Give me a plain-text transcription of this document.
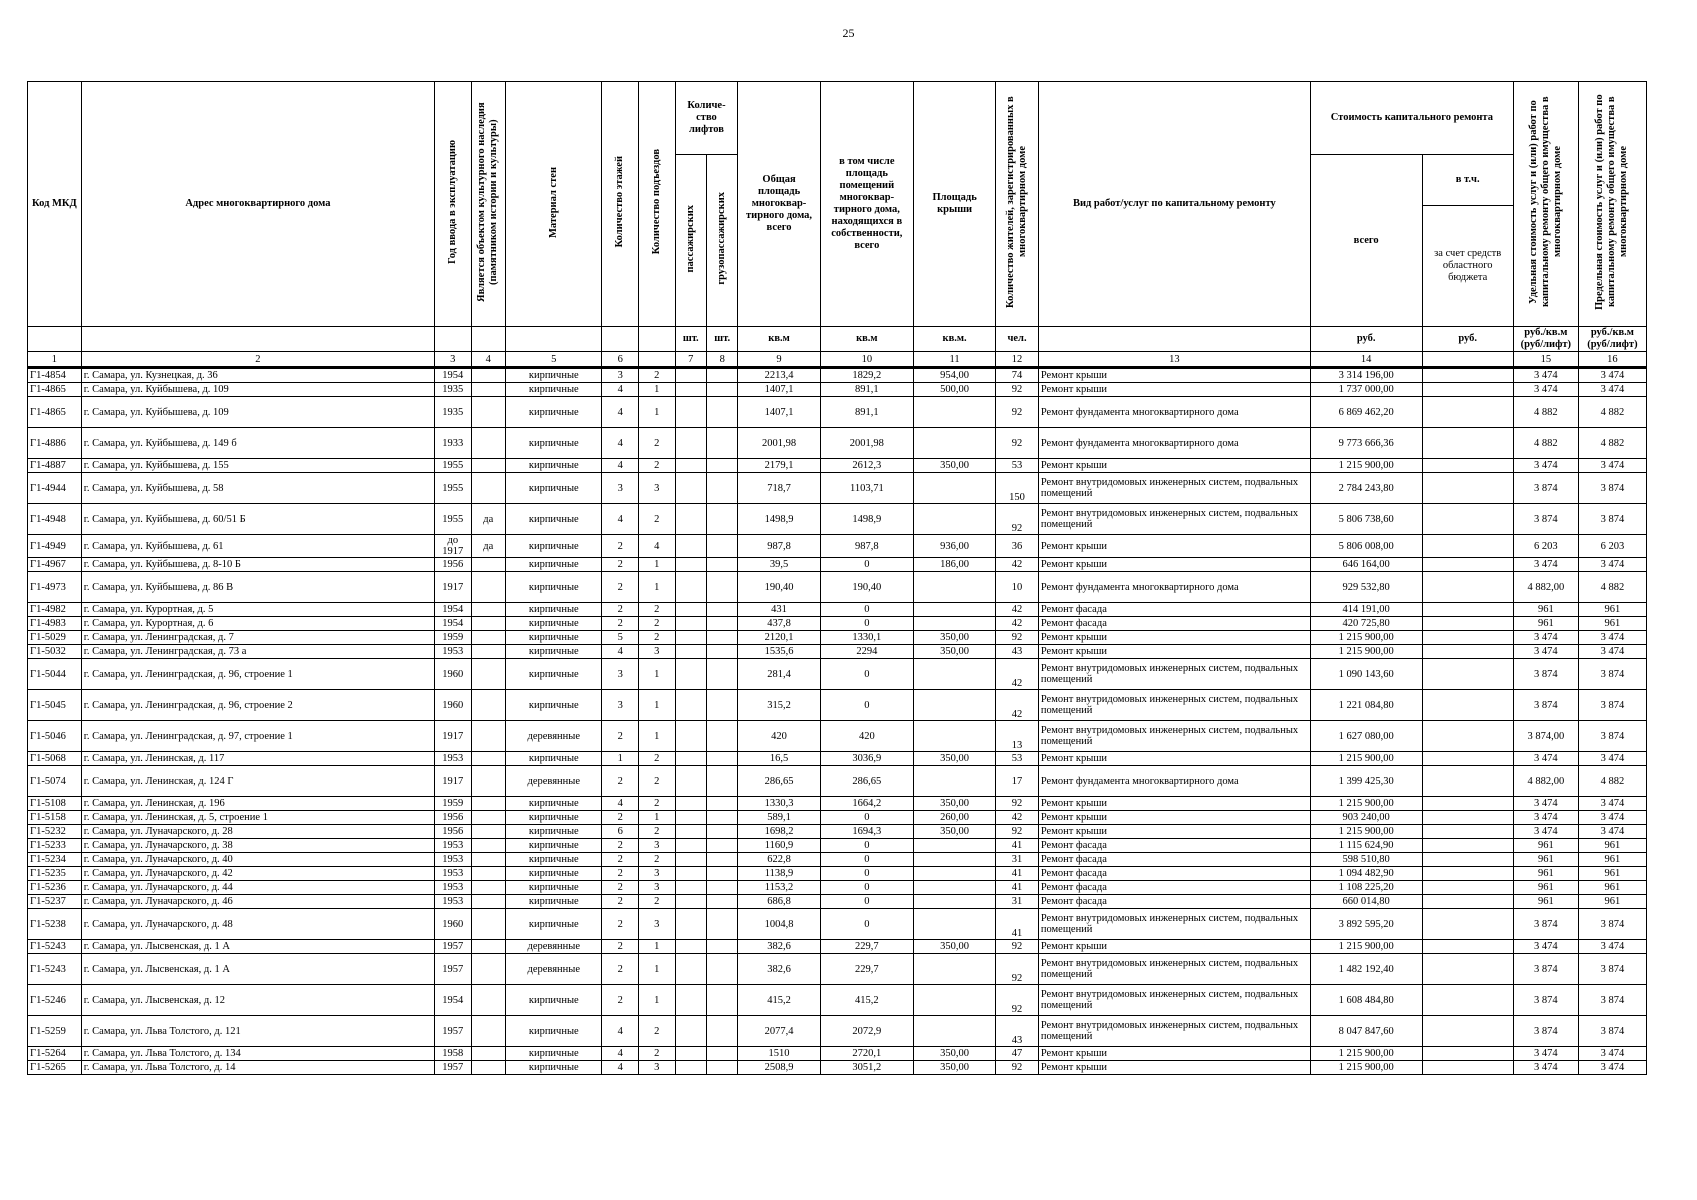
25
Код МКД	Адрес многоквартирного дома	Год ввода в эксплуатацию	Является объектом культурного наследия (памятником истории и культуры)	Материал стен	Количество этажей	Количество подъездов	Количе-ство лифтов		Общая площадь многоквар-тирного дома, всего	в том числе площадь помещений многоквар-тирного дома, находящихся в собственности, всего	Площадь крыши	Количество жителей, зарегистрированных в многоквартирном доме	Вид работ/услуг по капитальному ремонту	Стоимость капитального ремонта		Удельная стоимость услуг и (или) работ по капитальному ремонту общего имущества в многоквартирном доме	Предельная стоимость услуг и (или) работ по капитальному ремонту общего имущества в многоквартирном доме
							пассажирских	грузопассажирских						всего	в т.ч.		
															за счет средств областного бюджета		
							шт.	шт.	кв.м	кв.м	кв.м.	чел.		руб.	руб.	руб./кв.м (руб/лифт)	руб./кв.м (руб/лифт)
1	2	3	4	5	6		7	8	9	10	11	12	13	14		15	16
Г1-4854	г. Самара, ул. Кузнецкая, д. 36	1954		кирпичные	3	2			2213,4	1829,2	954,00	74	Ремонт крыши	3 314 196,00		3 474	3 474
Г1-4865	г. Самара, ул. Куйбышева, д. 109	1935		кирпичные	4	1			1407,1	891,1	500,00	92	Ремонт крыши	1 737 000,00		3 474	3 474
Г1-4865	г. Самара, ул. Куйбышева, д. 109	1935		кирпичные	4	1			1407,1	891,1		92	Ремонт фундамента многоквартирного дома	6 869 462,20		4 882	4 882
Г1-4886	г. Самара, ул. Куйбышева, д. 149 б	1933		кирпичные	4	2			2001,98	2001,98		92	Ремонт фундамента многоквартирного дома	9 773 666,36		4 882	4 882
Г1-4887	г. Самара, ул. Куйбышева, д. 155	1955		кирпичные	4	2			2179,1	2612,3	350,00	53	Ремонт крыши	1 215 900,00		3 474	3 474
Г1-4944	г. Самара, ул. Куйбышева, д. 58	1955		кирпичные	3	3			718,7	1103,71		150	Ремонт внутридомовых инженерных систем, подвальных помещений	2 784 243,80		3 874	3 874
Г1-4948	г. Самара, ул. Куйбышева, д. 60/51 Б	1955	да	кирпичные	4	2			1498,9	1498,9		92	Ремонт внутридомовых инженерных систем, подвальных помещений	5 806 738,60		3 874	3 874
Г1-4949	г. Самара, ул. Куйбышева, д. 61	до 1917	да	кирпичные	2	4			987,8	987,8	936,00	36	Ремонт крыши	5 806 008,00		6 203	6 203
Г1-4967	г. Самара, ул. Куйбышева, д. 8-10 Б	1956		кирпичные	2	1			39,5	0	186,00	42	Ремонт крыши	646 164,00		3 474	3 474
Г1-4973	г. Самара, ул. Куйбышева, д. 86 В	1917		кирпичные	2	1			190,40	190,40		10	Ремонт фундамента многоквартирного дома	929 532,80		4 882,00	4 882
Г1-4982	г. Самара, ул. Курортная, д. 5	1954		кирпичные	2	2			431	0		42	Ремонт фасада	414 191,00		961	961
Г1-4983	г. Самара, ул. Курортная, д. 6	1954		кирпичные	2	2			437,8	0		42	Ремонт фасада	420 725,80		961	961
Г1-5029	г. Самара, ул. Ленинградская, д. 7	1959		кирпичные	5	2			2120,1	1330,1	350,00	92	Ремонт крыши	1 215 900,00		3 474	3 474
Г1-5032	г. Самара, ул. Ленинградская, д. 73 а	1953		кирпичные	4	3			1535,6	2294	350,00	43	Ремонт крыши	1 215 900,00		3 474	3 474
Г1-5044	г. Самара, ул. Ленинградская, д. 96, строение 1	1960		кирпичные	3	1			281,4	0		42	Ремонт внутридомовых инженерных систем, подвальных помещений	1 090 143,60		3 874	3 874
Г1-5045	г. Самара, ул. Ленинградская, д. 96, строение 2	1960		кирпичные	3	1			315,2	0		42	Ремонт внутридомовых инженерных систем, подвальных помещений	1 221 084,80		3 874	3 874
Г1-5046	г. Самара, ул. Ленинградская, д. 97, строение 1	1917		деревянные	2	1			420	420		13	Ремонт внутридомовых инженерных систем, подвальных помещений	1 627 080,00		3 874,00	3 874
Г1-5068	г. Самара, ул. Ленинская, д. 117	1953		кирпичные	1	2			16,5	3036,9	350,00	53	Ремонт крыши	1 215 900,00		3 474	3 474
Г1-5074	г. Самара, ул. Ленинская, д. 124 Г	1917		деревянные	2	2			286,65	286,65		17	Ремонт фундамента многоквартирного дома	1 399 425,30		4 882,00	4 882
Г1-5108	г. Самара, ул. Ленинская, д. 196	1959		кирпичные	4	2			1330,3	1664,2	350,00	92	Ремонт крыши	1 215 900,00		3 474	3 474
Г1-5158	г. Самара, ул. Ленинская, д. 5, строение 1	1956		кирпичные	2	1			589,1	0	260,00	42	Ремонт крыши	903 240,00		3 474	3 474
Г1-5232	г. Самара, ул. Луначарского, д. 28	1956		кирпичные	6	2			1698,2	1694,3	350,00	92	Ремонт крыши	1 215 900,00		3 474	3 474
Г1-5233	г. Самара, ул. Луначарского, д. 38	1953		кирпичные	2	3			1160,9	0		41	Ремонт фасада	1 115 624,90		961	961
Г1-5234	г. Самара, ул. Луначарского, д. 40	1953		кирпичные	2	2			622,8	0		31	Ремонт фасада	598 510,80		961	961
Г1-5235	г. Самара, ул. Луначарского, д. 42	1953		кирпичные	2	3			1138,9	0		41	Ремонт фасада	1 094 482,90		961	961
Г1-5236	г. Самара, ул. Луначарского, д. 44	1953		кирпичные	2	3			1153,2	0		41	Ремонт фасада	1 108 225,20		961	961
Г1-5237	г. Самара, ул. Луначарского, д. 46	1953		кирпичные	2	2			686,8	0		31	Ремонт фасада	660 014,80		961	961
Г1-5238	г. Самара, ул. Луначарского, д. 48	1960		кирпичные	2	3			1004,8	0		41	Ремонт внутридомовых инженерных систем, подвальных помещений	3 892 595,20		3 874	3 874
Г1-5243	г. Самара, ул. Лысвенская, д. 1 А	1957		деревянные	2	1			382,6	229,7	350,00	92	Ремонт крыши	1 215 900,00		3 474	3 474
Г1-5243	г. Самара, ул. Лысвенская, д. 1 А	1957		деревянные	2	1			382,6	229,7		92	Ремонт внутридомовых инженерных систем, подвальных помещений	1 482 192,40		3 874	3 874
Г1-5246	г. Самара, ул. Лысвенская, д. 12	1954		кирпичные	2	1			415,2	415,2		92	Ремонт внутридомовых инженерных систем, подвальных помещений	1 608 484,80		3 874	3 874
Г1-5259	г. Самара, ул. Льва Толстого, д. 121	1957		кирпичные	4	2			2077,4	2072,9		43	Ремонт внутридомовых инженерных систем, подвальных помещений	8 047 847,60		3 874	3 874
Г1-5264	г. Самара, ул. Льва Толстого, д. 134	1958		кирпичные	4	2			1510	2720,1	350,00	47	Ремонт крыши	1 215 900,00		3 474	3 474
Г1-5265	г. Самара, ул. Льва Толстого, д. 14	1957		кирпичные	4	3			2508,9	3051,2	350,00	92	Ремонт крыши	1 215 900,00		3 474	3 474
